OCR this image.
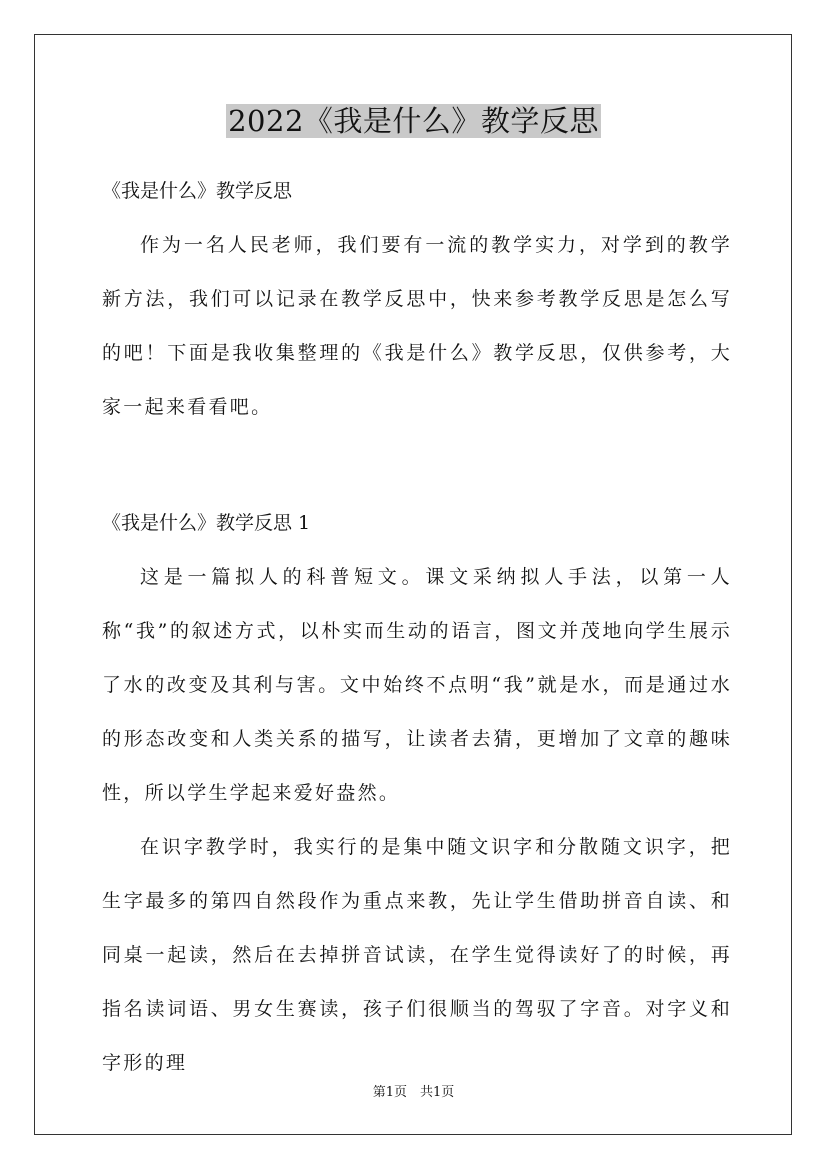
2022《我是什么》教学反思

《我是什么》教学反思

作为一名人民老师，我们要有一流的教学实力，对学到的教学新方法，我们可以记录在教学反思中，快来参考教学反思是怎么写的吧！下面是我收集整理的《我是什么》教学反思，仅供参考，大家一起来看看吧。

《我是什么》教学反思 1

这是一篇拟人的科普短文。课文采纳拟人手法，以第一人称“我”的叙述方式，以朴实而生动的语言，图文并茂地向学生展示了水的改变及其利与害。文中始终不点明“我”就是水，而是通过水的形态改变和人类关系的描写，让读者去猜，更增加了文章的趣味性，所以学生学起来爱好盎然。

在识字教学时，我实行的是集中随文识字和分散随文识字，把生字最多的第四自然段作为重点来教，先让学生借助拼音自读、和同桌一起读，然后在去掉拼音试读，在学生觉得读好了的时候，再指名读词语、男女生赛读，孩子们很顺当的驾驭了字音。对字义和字形的理

第1页　共1页
